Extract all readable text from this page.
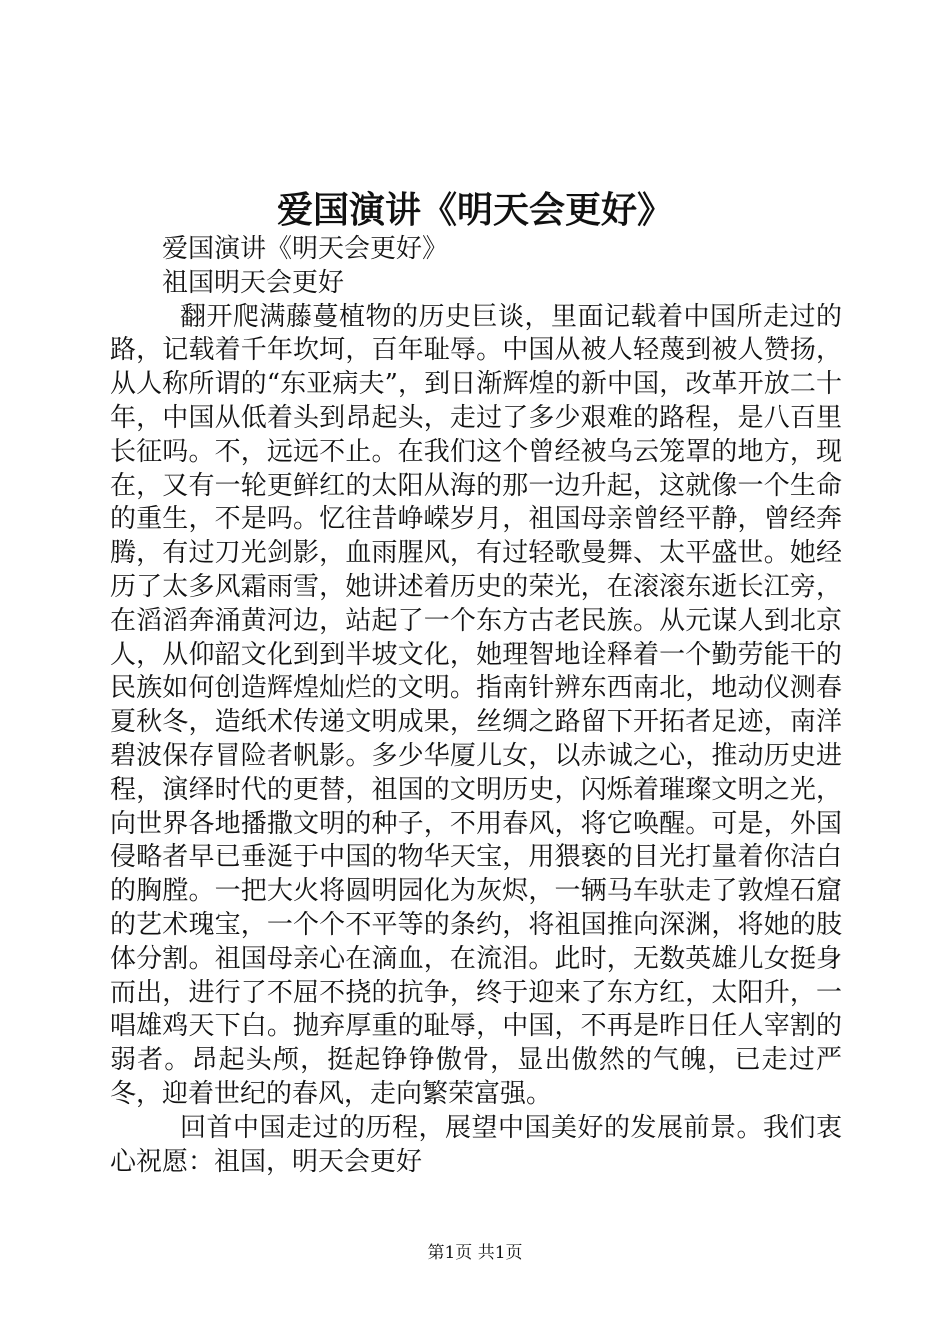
爱国演讲《明天会更好》

爱国演讲《明天会更好》

祖国明天会更好

翻开爬满藤蔓植物的历史巨谈，里面记载着中国所走过的路，记载着千年坎坷，百年耻辱。中国从被人轻蔑到被人赞扬，从人称所谓的“东亚病夫”，到日渐辉煌的新中国，改革开放二十年，中国从低着头到昂起头，走过了多少艰难的路程，是八百里长征吗。不，远远不止。在我们这个曾经被乌云笼罩的地方，现在，又有一轮更鲜红的太阳从海的那一边升起，这就像一个生命的重生，不是吗。忆往昔峥嵘岁月，祖国母亲曾经平静，曾经奔腾，有过刀光剑影，血雨腥风，有过轻歌曼舞、太平盛世。她经历了太多风霜雨雪，她讲述着历史的荣光，在滚滚东逝长江旁，在滔滔奔涌黄河边，站起了一个东方古老民族。从元谋人到北京人，从仰韶文化到到半坡文化，她理智地诠释着一个勤劳能干的民族如何创造辉煌灿烂的文明。指南针辨东西南北，地动仪测春夏秋冬，造纸术传递文明成果，丝绸之路留下开拓者足迹，南洋碧波保存冒险者帆影。多少华厦儿女，以赤诚之心，推动历史进程，演绎时代的更替，祖国的文明历史，闪烁着璀璨文明之光，向世界各地播撒文明的种子，不用春风，将它唤醒。可是，外国侵略者早已垂涎于中国的物华天宝，用猥亵的目光打量着你洁白的胸膛。一把大火将圆明园化为灰烬，一辆马车驮走了敦煌石窟的艺术瑰宝，一个个不平等的条约，将祖国推向深渊，将她的肢体分割。祖国母亲心在滴血，在流泪。此时，无数英雄儿女挺身而出，进行了不屈不挠的抗争，终于迎来了东方红，太阳升，一唱雄鸡天下白。抛弃厚重的耻辱，中国，不再是昨日任人宰割的弱者。昂起头颅，挺起铮铮傲骨，显出傲然的气魄，已走过严冬，迎着世纪的春风，走向繁荣富强。

回首中国走过的历程，展望中国美好的发展前景。我们衷心祝愿：祖国，明天会更好

第1页 共1页
